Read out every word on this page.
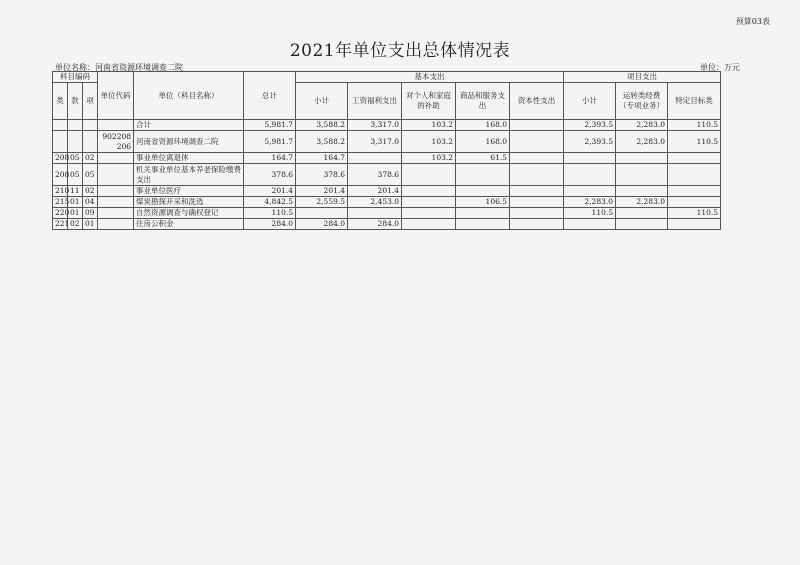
预算03表
2021年单位支出总体情况表
单位名称：河南省资源环境调查二院	单位：万元
科目编码			单位代码	单位（科目名称）	总计	基本支出					项目支出		
类	款	项				小计	工资福利支出	对个人和家庭的补助	商品和服务支出	资本性支出	小计	运转类经费（专项业务）	特定目标类
				合计	5,981.7	3,588.2	3,317.0	103.2	168.0		2,393.5	2,283.0	110.5
			902208 206	河南省资源环境调查二院	5,981.7	3,588.2	3,317.0	103.2	168.0		2,393.5	2,283.0	110.5
208	05	02		事业单位离退休	164.7	164.7		103.2	61.5				
208	05	05		机关事业单位基本养老保险缴费支出	378.6	378.6	378.6						
210	11	02		事业单位医疗	201.4	201.4	201.4						
215	01	04		煤炭勘探开采和洗选	4,842.5	2,559.5	2,453.0		106.5		2,283.0	2,283.0	
220	01	09		自然资源调查与确权登记	110.5						110.5		110.5
221	02	01		住房公积金	284.0	284.0	284.0						
